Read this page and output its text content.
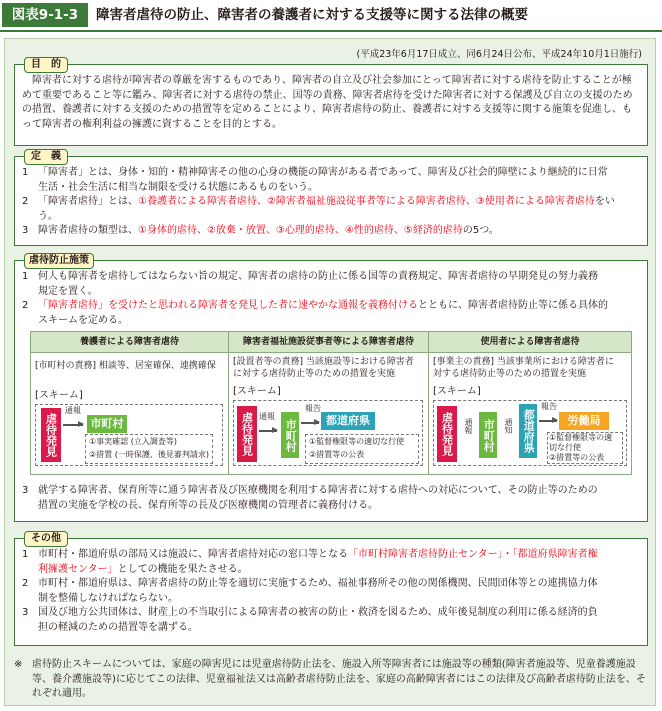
図表9-1-3	障害者虐待の防止、障害者の養護者に対する支援等に関する法律の概要
目　的
(平成23年6月17日成立、同6月24日公布、平成24年10月1日施行)
障害者に対する虐待が障害者の尊厳を害するものであり、障害者の自立及び社会参加にとって障害者に対する虐待を防止することが極めて重要であること等に鑑み、障害者に対する虐待の禁止、国等の責務、障害者虐待を受けた障害者に対する保護及び自立の支援のための措置、養護者に対する支援のための措置等を定めることにより、障害者虐待の防止、養護者に対する支援等に関する施策を促進し、もって障害者の権利利益の擁護に資することを目的とする。
定　義
1 「障害者」とは、身体・知的・精神障害その他の心身の機能の障害がある者であって、障害及び社会的障壁により継続的に日常
生活・社会生活に相当な制限を受ける状態にあるものをいう。
2 「障害者虐待」とは、①養護者による障害者虐待、②障害者福祉施設従事者等による障害者虐待、③使用者による障害者虐待をい
う。
3 障害者虐待の類型は、①身体的虐待、②放棄・放置、③心理的虐待、④性的虐待、⑤経済的虐待の5つ。
虐待防止施策
1 何人も障害者を虐待してはならない旨の規定、障害者の虐待の防止に係る国等の責務規定、障害者虐待の早期発見の努力義務
規定を置く。
2 「障害者虐待」を受けたと思われる障害者を発見した者に速やかな通報を義務付けるとともに、障害者虐待防止等に係る具体的
スキームを定める。
養護者による障害者虐待
[市町村の責務] 相談等、居室確保、連携確保
[スキーム]
虐待発見
通報
市町村
①事実確認 (立入調査等)
②措置 (一時保護、後見審判請求)
障害者福祉施設従事者等による障害者虐待
[設置者等の責務] 当該施設等における障害者
に対する虐待防止等のための措置を実施
[スキーム]
虐待発見 通報
市町村
報告
都道府県
①監督権限等の適切な行使
②措置等の公表
使用者による障害者虐待
[事業主の責務] 当該事業所における障害者に
対する虐待防止等のための措置を実施
[スキーム]
虐待発見	通報 市町村 通知 都道府県
報告
労働局
①監督権限等の適
切な行使
②措置等の公表
3 就学する障害者、保育所等に通う障害者及び医療機関を利用する障害者に対する虐待への対応について、その防止等のための
措置の実施を学校の長、保育所等の長及び医療機関の管理者に義務付ける。
その他
1 市町村・都道府県の部局又は施設に、障害者虐待対応の窓口等となる「市町村障害者虐待防止センター」・「都道府県障害者権
利擁護センター」としての機能を果たさせる。
2 市町村・都道府県は、障害者虐待の防止等を適切に実施するため、福祉事務所その他の関係機関、民間団体等との連携協力体
制を整備しなければならない。
3 国及び地方公共団体は、財産上の不当取引による障害者の被害の防止・救済を図るため、成年後見制度の利用に係る経済的負
担の軽減のための措置等を講ずる。
※ 虐待防止スキームについては、家庭の障害児には児童虐待防止法を、施設入所等障害者には施設等の種類(障害者施設等、児童養護施設等、養介護施設等)に応じてこの法律、児童福祉法又は高齢者虐待防止法を、家庭の高齢障害者にはこの法律及び高齢者虐待防止法を、それぞれ適用。
